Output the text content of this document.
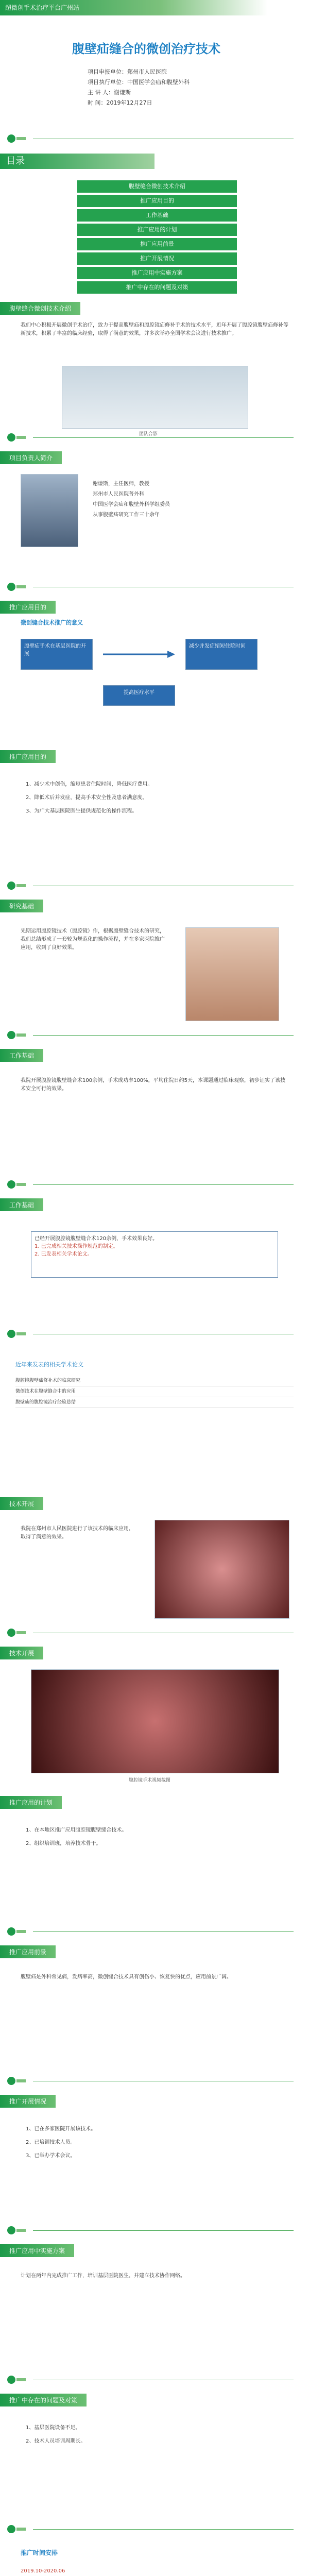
超微创手术治疗平台广州站
腹壁疝缝合的微创治疗技术
项目申报单位：郑州市人民医院
项目执行单位：中国医学会疝和腹壁外科
主 讲 人：谢谦斯
时 间：2019年12月27日
目录
腹壁缝合微创技术介绍
推广应用目的
工作基础
推广应用的计划
推广应用前景
推广开展情况
推广应用中实施方案
推广中存在的问题及对策
腹壁缝合微创技术介绍
我们中心积极开展微创手术治疗，致力于提高腹壁疝和腹腔镜疝修补手术的技术水平，近年开展了腹腔镜腹壁疝修补等新技术，积累了丰富的临床经验，取得了满意的效果，并多次举办全国学术会议进行技术推广。
团队合影
项目负责人简介
谢谦斯，主任医师，教授
郑州市人民医院普外科
中国医学会疝和腹壁外科学组委员
从事腹壁疝研究工作三十余年
推广应用目的
微创缝合技术推广的意义
腹壁疝手术在基层医院的开展
减少并发症缩短住院时间
提高医疗水平
推广应用目的
1、减少术中创伤，缩短患者住院时间，降低医疗费用。
2、降低术后并发症，提高手术安全性及患者满意度。
3、为广大基层医院医生提供规范化的操作流程。
研究基础
先期运用腹腔镜技术（腹腔镜）作，根据腹壁缝合技术的研究，我们总结形成了一套较为规范化的操作流程，并在多家医院推广应用，收到了良好效果。
工作基础
我院开展腹腔镜腹壁缝合术100余例，手术成功率100%，平均住院日约5天，本课题通过临床观察，初步证实了该技术安全可行的效果。
工作基础
已经开展腹腔镜腹壁缝合术120余例，手术效果良好。
1. 已完成相关技术操作规范的制定。
2. 已发表相关学术论文。
近年来发表的相关学术论文
腹腔镜腹壁疝修补术的临床研究
微创技术在腹壁缝合中的应用
腹壁疝的腹腔镜治疗经验总结
技术开展
我院在郑州市人民医院进行了该技术的临床应用，取得了满意的效果。
技术开展
腹腔镜手术视频截图
推广应用的计划
1、在本地区推广应用腹腔镜腹壁缝合技术。
2、组织培训班，培养技术骨干。
推广应用前景
腹壁疝是外科常见病，发病率高，微创缝合技术具有创伤小、恢复快的优点，应用前景广阔。
推广开展情况
1、已在多家医院开展该技术。
2、已培训技术人员。
3、已举办学术会议。
推广应用中实施方案
计划在两年内完成推广工作，培训基层医院医生，并建立技术协作网络。
推广中存在的问题及对策
1、基层医院设备不足。
2、技术人员培训周期长。
推广时间安排
2019.10-2020.06
